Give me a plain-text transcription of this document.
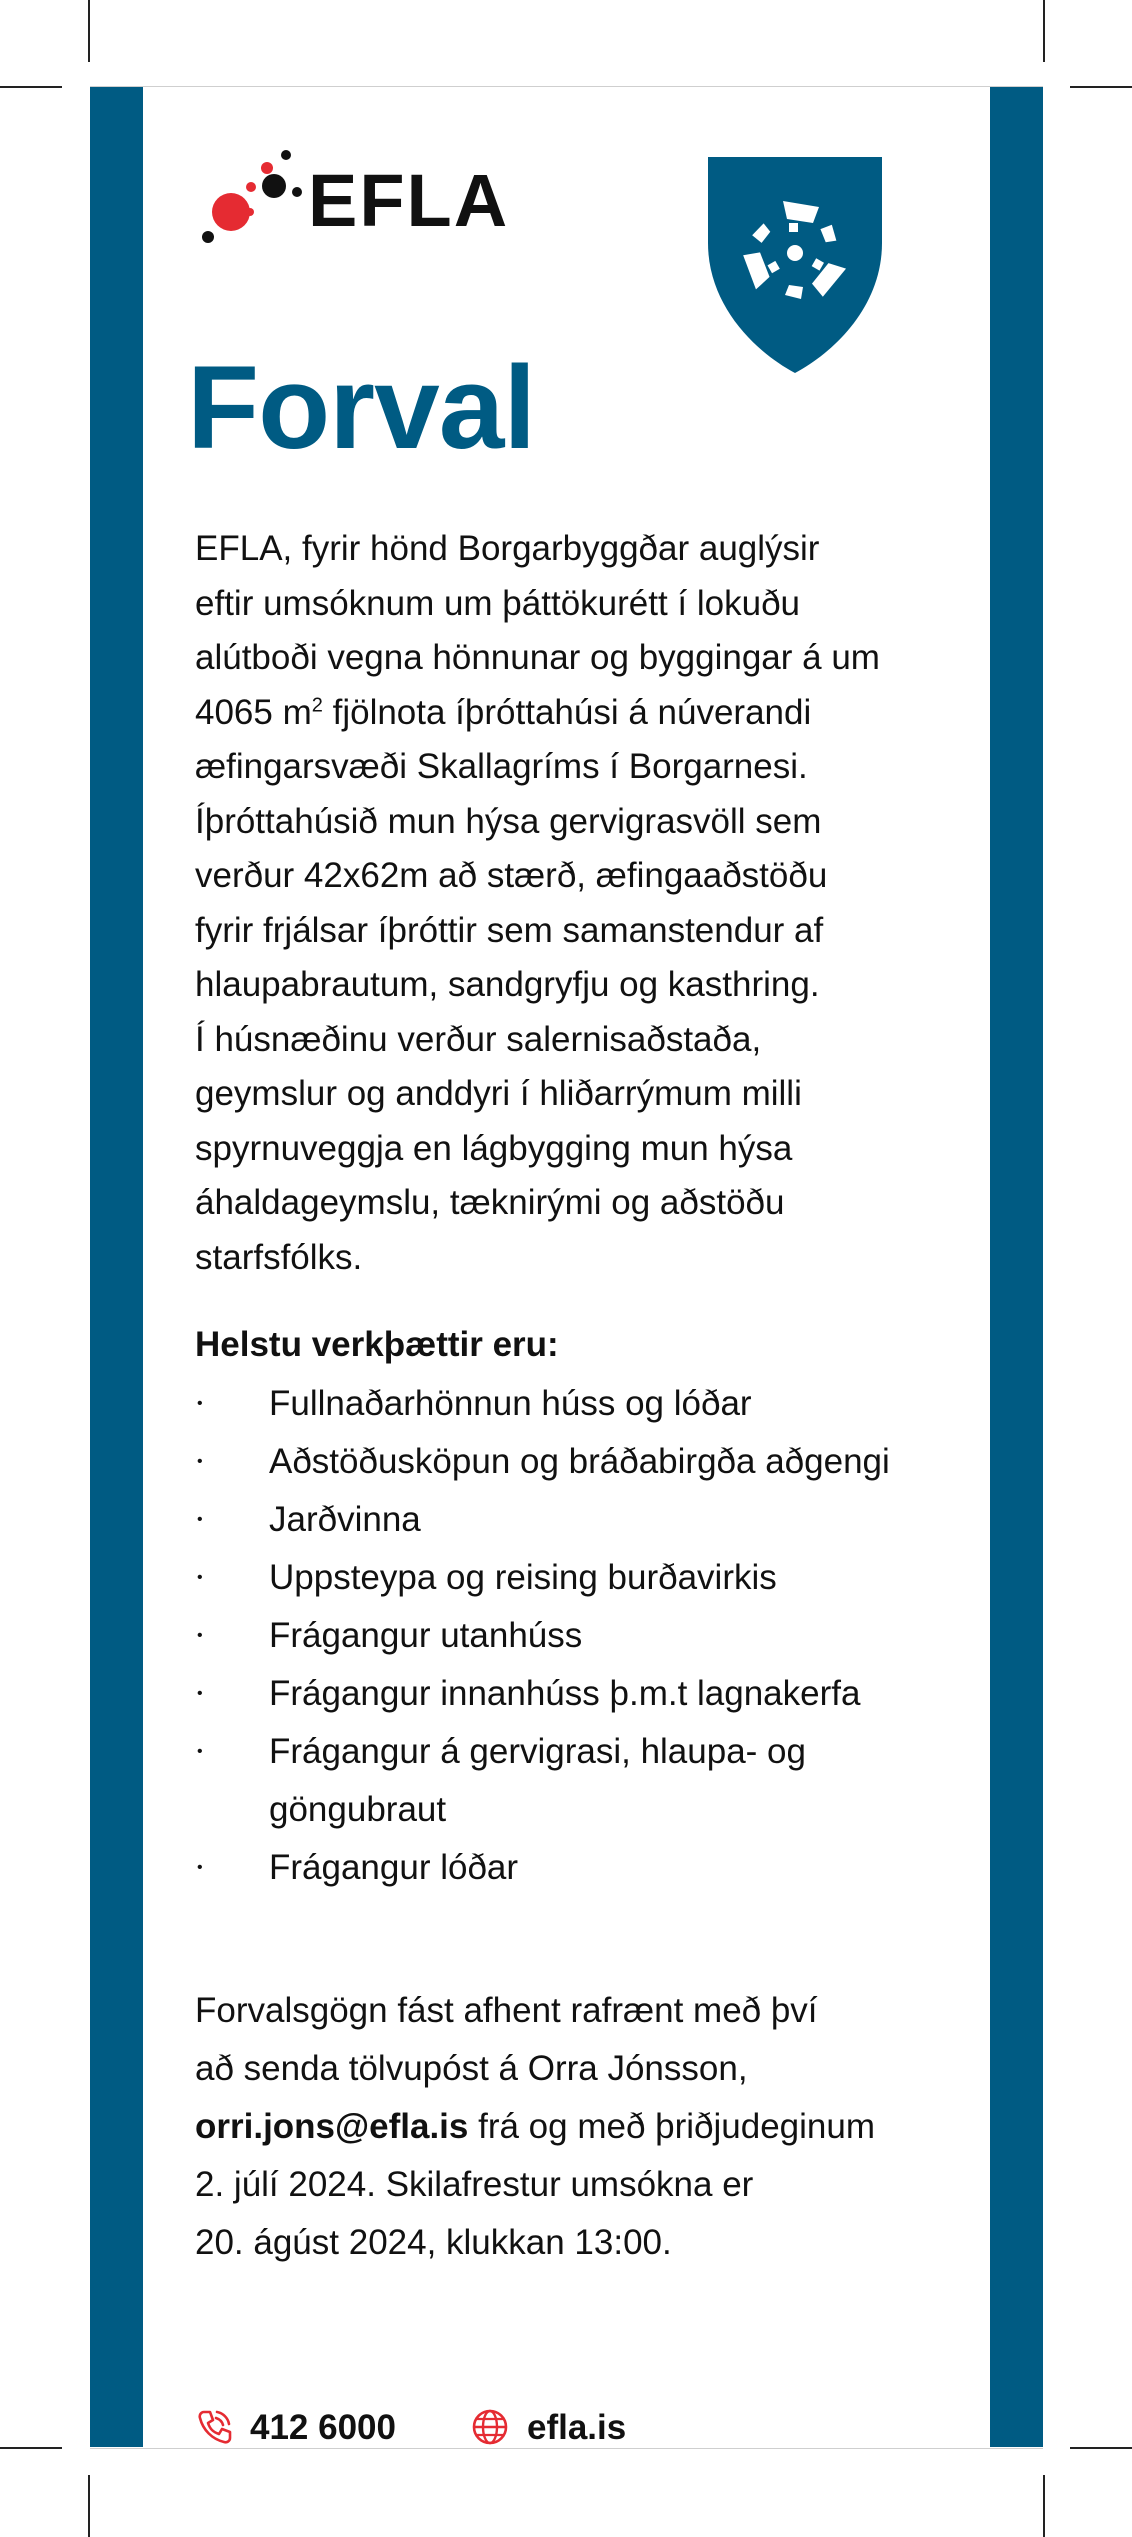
EFLA
Forval

EFLA, fyrir hönd Borgarbyggðar auglýsir
eftir umsóknum um þáttökurétt í lokuðu
alútboði vegna hönnunar og byggingar á um
4065 $m^2$ fjölnota íþróttahúsi á núverandi
æfingarsvæði Skallagríms í Borgarnesi.
Íþróttahúsið mun hýsa gervigrasvöll sem
verður 42x62m að stærð, æfingaaðstöðu
fyrir frjálsar íþróttir sem samanstendur af
hlaupabrautum, sandgryfju og kasthring.
Í húsnæðinu verður salernisaðstaða,
geymslur og anddyri í hliðarrýmum milli
spyrnuveggja en lágbygging mun hýsa
áhaldageymslu, tæknirými og aðstöðu
starfsfólks.

Helstu verkþættir eru:

• Fullnaðarhönnun húss og lóðar
• Aðstöðusköpun og bráðabirgða aðgengi
• Jarðvinna
• Uppsteypa og reising burðavirkis
• Frágangur utanhúss
• Frágangur innanhúss þ.m.t lagnakerfa
• Frágangur á gervigrasi, hlaupa- og göngubraut
• Frágangur lóðar

Forvalsgögn fást afhent rafrænt með því
að senda tölvupóst á Orra Jónsson,
orri.jons@efla.is frá og með þriðjudeginum
2. júlí 2024. Skilafrestur umsókna er
20. ágúst 2024, klukkan 13:00.

412 6000	efla.is
